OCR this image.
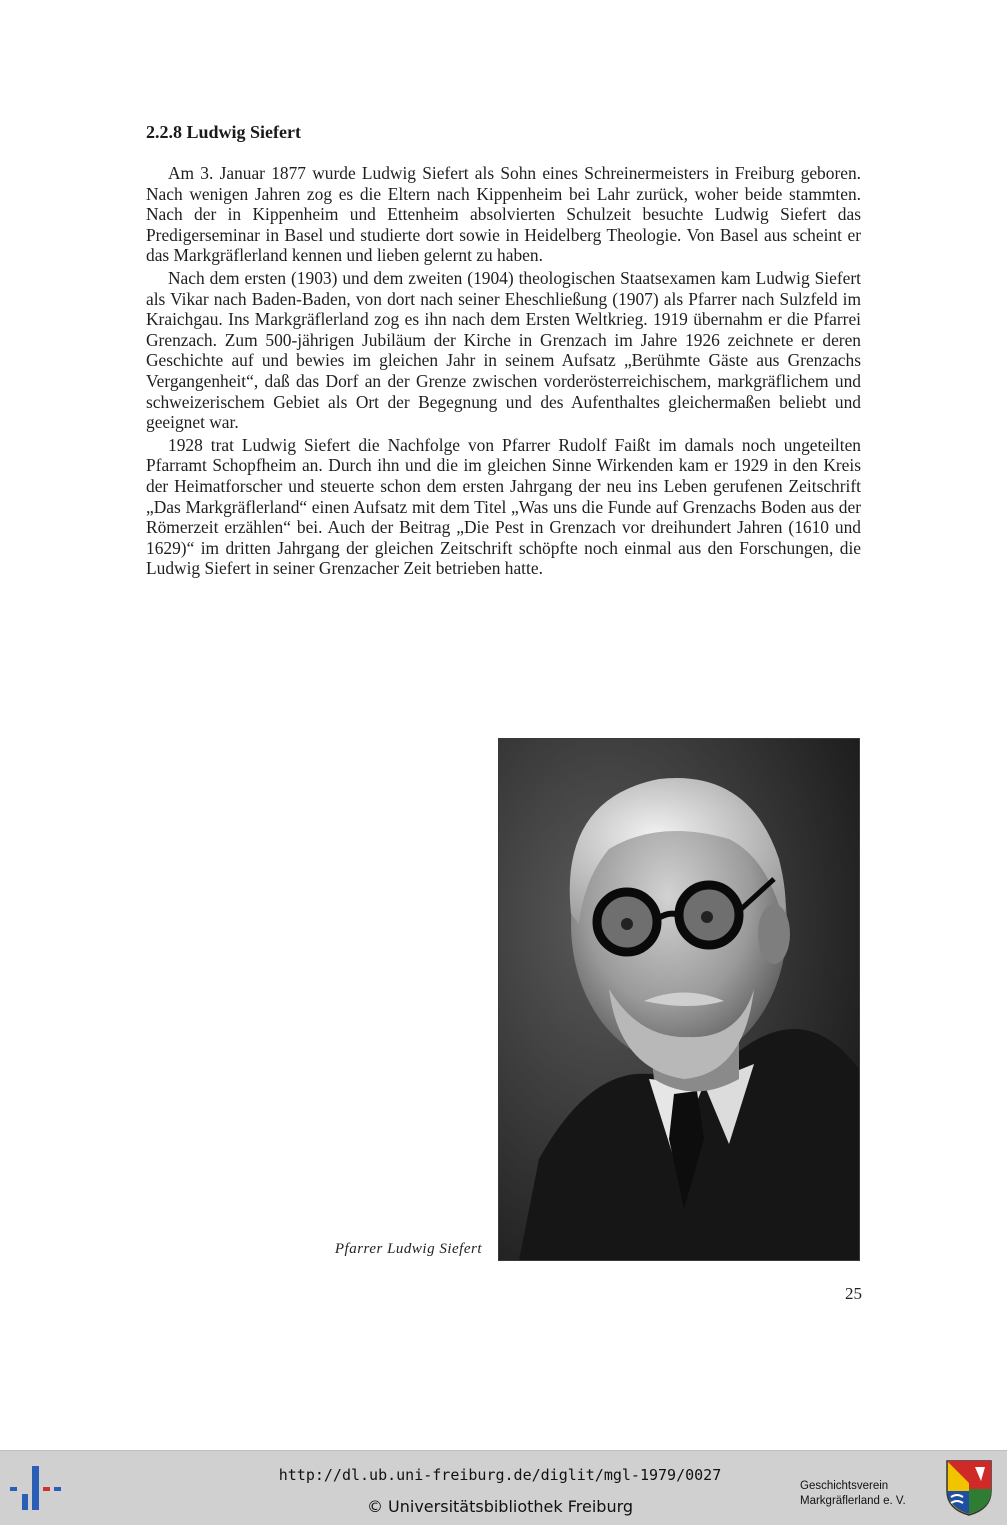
2.2.8 Ludwig Siefert

Am 3. Januar 1877 wurde Ludwig Siefert als Sohn eines Schreinermeisters in Freiburg geboren. Nach wenigen Jahren zog es die Eltern nach Kippenheim bei Lahr zurück, woher beide stammten. Nach der in Kippenheim und Ettenheim absolvierten Schulzeit besuchte Ludwig Siefert das Predigerseminar in Basel und studierte dort sowie in Heidelberg Theologie. Von Basel aus scheint er das Markgräflerland kennen und lieben gelernt zu haben.

Nach dem ersten (1903) und dem zweiten (1904) theologischen Staatsexamen kam Ludwig Siefert als Vikar nach Baden-Baden, von dort nach seiner Eheschließung (1907) als Pfarrer nach Sulzfeld im Kraichgau. Ins Markgräflerland zog es ihn nach dem Ersten Weltkrieg. 1919 übernahm er die Pfarrei Grenzach. Zum 500-jährigen Jubiläum der Kirche in Grenzach im Jahre 1926 zeichnete er deren Geschichte auf und bewies im gleichen Jahr in seinem Aufsatz „Berühmte Gäste aus Grenzachs Vergangenheit“, daß das Dorf an der Grenze zwischen vorderösterreichischem, markgräflichem und schweizerischem Gebiet als Ort der Begegnung und des Aufenthaltes gleichermaßen beliebt und geeignet war.

1928 trat Ludwig Siefert die Nachfolge von Pfarrer Rudolf Faißt im damals noch ungeteilten Pfarramt Schopfheim an. Durch ihn und die im gleichen Sinne Wirkenden kam er 1929 in den Kreis der Heimatforscher und steuerte schon dem ersten Jahrgang der neu ins Leben gerufenen Zeitschrift „Das Markgräflerland“ einen Aufsatz mit dem Titel „Was uns die Funde auf Grenzachs Boden aus der Römerzeit erzählen“ bei. Auch der Beitrag „Die Pest in Grenzach vor dreihundert Jahren (1610 und 1629)“ im dritten Jahrgang der gleichen Zeitschrift schöpfte noch einmal aus den Forschungen, die Ludwig Siefert in seiner Grenzacher Zeit betrieben hatte.

Pfarrer Ludwig Siefert
25
http://dl.ub.uni-freiburg.de/diglit/mgl-1979/0027
© Universitätsbibliothek Freiburg
Geschichtsverein
Markgräflerland e. V.
